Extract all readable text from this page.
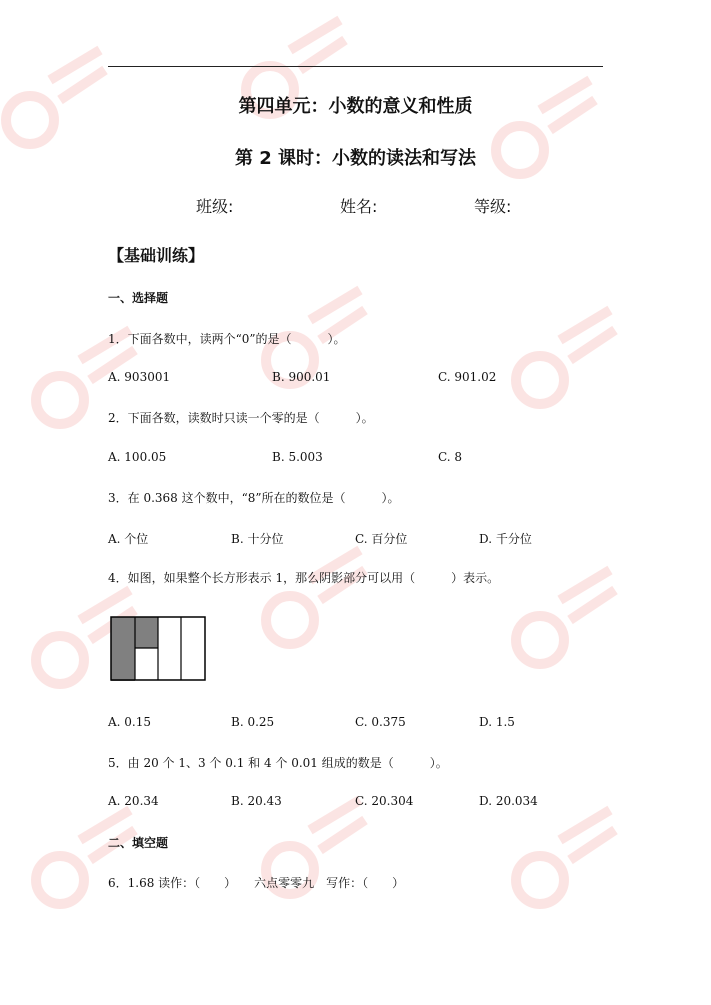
第四单元：小数的意义和性质
第 2 课时：小数的读法和写法
班级:	姓名:	等级:
【基础训练】
一、选择题
1．下面各数中，读两个“0”的是（　　　）。
A. 903001	B. 900.01	C. 901.02
2．下面各数，读数时只读一个零的是（　　　）。
A. 100.05	B. 5.003	C. 8
3．在 0.368 这个数中，“8”所在的数位是（　　　）。
A. 个位	B. 十分位	C. 百分位	D. 千分位
4．如图，如果整个长方形表示 1，那么阴影部分可以用（　　　）表示。
A. 0.15	B. 0.25	C. 0.375	D. 1.5
5．由 20 个 1、3 个 0.1 和 4 个 0.01 组成的数是（　　　）。
A. 20.34	B. 20.43	C. 20.304	D. 20.034
二、填空题
6．1.68 读作：（　　）　　六点零零九　写作：（　　）
